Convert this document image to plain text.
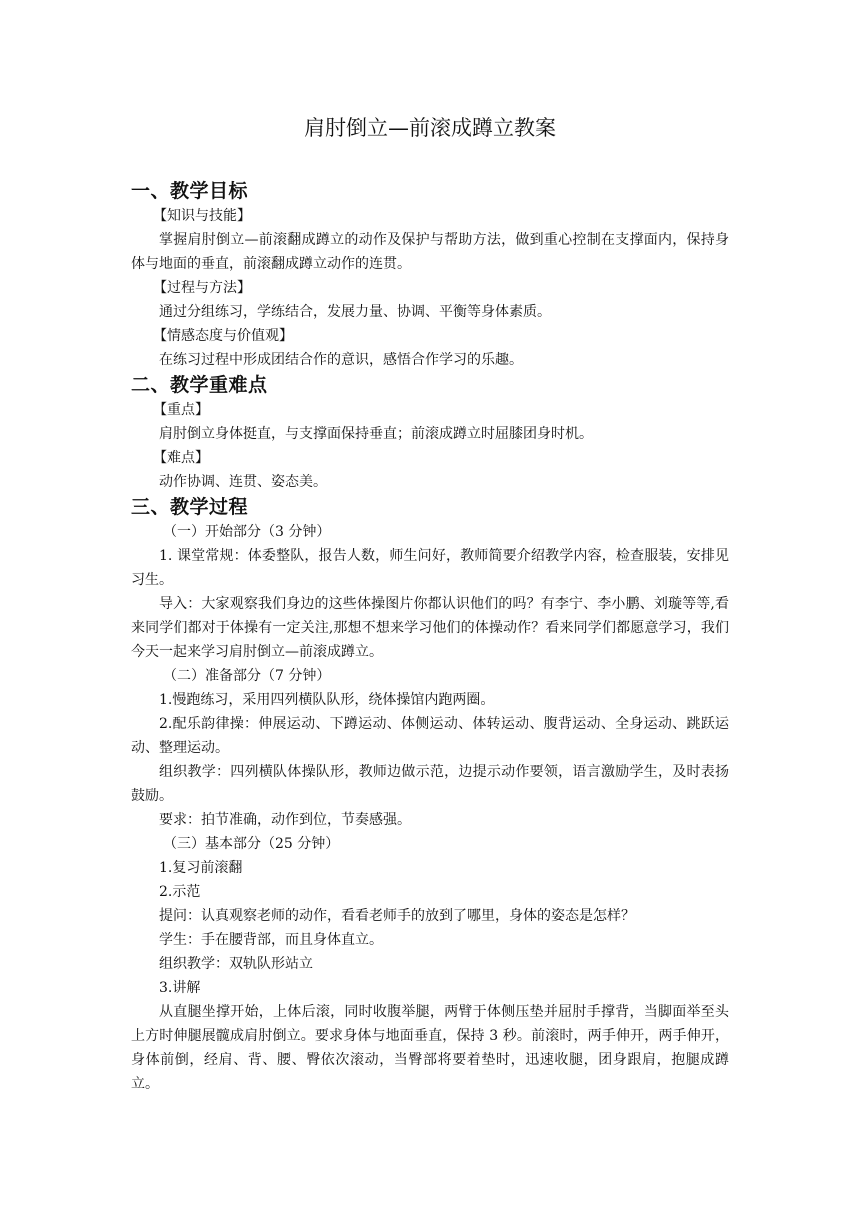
肩肘倒立—前滚成蹲立教案
一、教学目标
【知识与技能】

掌握肩肘倒立—前滚翻成蹲立的动作及保护与帮助方法，做到重心控制在支撑面内，保持身体与地面的垂直，前滚翻成蹲立动作的连贯。

【过程与方法】

通过分组练习，学练结合，发展力量、协调、平衡等身体素质。

【情感态度与价值观】

在练习过程中形成团结合作的意识，感悟合作学习的乐趣。

二、教学重难点
【重点】

肩肘倒立身体挺直，与支撑面保持垂直；前滚成蹲立时屈膝团身时机。

【难点】

动作协调、连贯、姿态美。

三、教学过程
（一）开始部分（3 分钟）

1. 课堂常规：体委整队，报告人数，师生问好，教师简要介绍教学内容，检查服装，安排见习生。

导入：大家观察我们身边的这些体操图片你都认识他们的吗？有李宁、李小鹏、刘璇等等,看来同学们都对于体操有一定关注,那想不想来学习他们的体操动作？看来同学们都愿意学习，我们今天一起来学习肩肘倒立—前滚成蹲立。

（二）准备部分（7 分钟）

1.慢跑练习，采用四列横队队形，绕体操馆内跑两圈。

2.配乐韵律操：伸展运动、下蹲运动、体侧运动、体转运动、腹背运动、全身运动、跳跃运动、整理运动。

组织教学：四列横队体操队形，教师边做示范，边提示动作要领，语言激励学生，及时表扬鼓励。

要求：拍节准确，动作到位，节奏感强。

（三）基本部分（25 分钟）

1.复习前滚翻

2.示范

提问：认真观察老师的动作，看看老师手的放到了哪里，身体的姿态是怎样？

学生：手在腰背部，而且身体直立。

组织教学：双轨队形站立

3.讲解

从直腿坐撑开始，上体后滚，同时收腹举腿，两臂于体侧压垫并屈肘手撑背，当脚面举至头上方时伸腿展髋成肩肘倒立。要求身体与地面垂直，保持 3 秒。前滚时，两手伸开，两手伸开，身体前倒，经肩、背、腰、臀依次滚动，当臀部将要着垫时，迅速收腿，团身跟肩，抱腿成蹲立。
